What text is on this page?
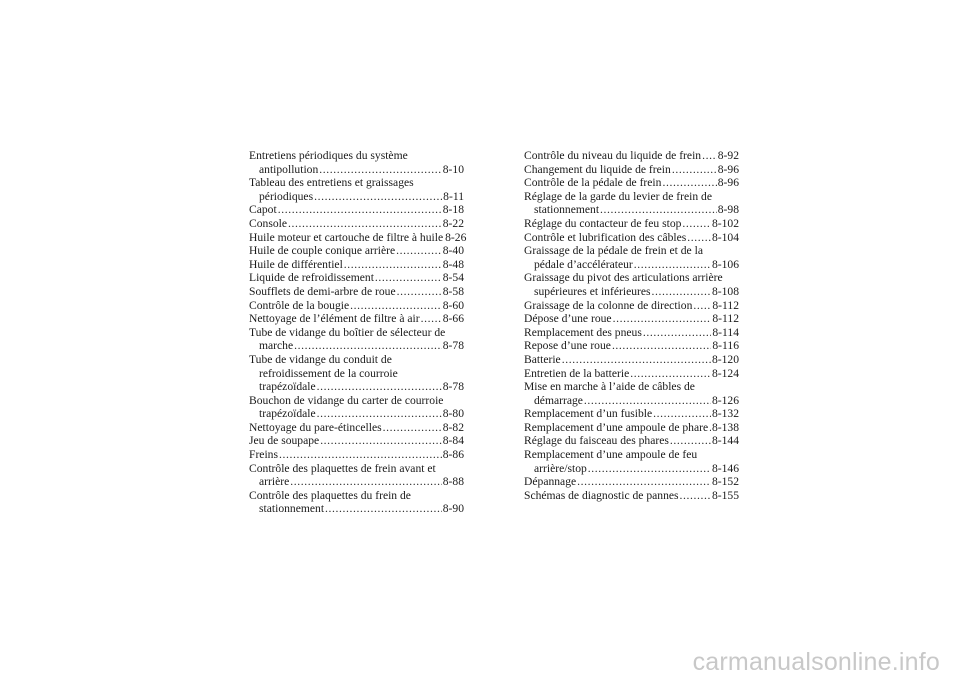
Entretiens périodiques du système
antipollution .....	8-10
Tableau des entretiens et graissages
périodiques .....	8-11
Capot .....	8-18
Console .....	8-22
Huile moteur et cartouche de filtre à huile 8-26
Huile de couple conique arrière .....	8-40
Huile de différentiel .....	8-48
Liquide de refroidissement .....	8-54
Soufflets de demi-arbre de roue .....	8-58
Contrôle de la bougie .....	8-60
Nettoyage de l’élément de filtre à air ..... 8-66
Tube de vidange du boîtier de sélecteur de
marche .....	8-78
Tube de vidange du conduit de
refroidissement de la courroie
trapézoïdale .....	8-78
Bouchon de vidange du carter de courroie
trapézoïdale .....	8-80
Nettoyage du pare-étincelles .....	8-82
Jeu de soupape .....	8-84
Freins .....	8-86
Contrôle des plaquettes de frein avant et
arrière .....	8-88
Contrôle des plaquettes du frein de
stationnement .....	8-90
Contrôle du niveau du liquide de frein ..... 8-92
Changement du liquide de frein .....	8-96
Contrôle de la pédale de frein .....	8-96
Réglage de la garde du levier de frein de
stationnement .....	8-98
Réglage du contacteur de feu stop .....	8-102
Contrôle et lubrification des câbles ..... 8-104
Graissage de la pédale de frein et de la
pédale d’accélérateur .....	8-106
Graissage du pivot des articulations arrière
supérieures et inférieures .....	8-108
Graissage de la colonne de direction ..... 8-112
Dépose d’une roue .....	8-112
Remplacement des pneus .....	8-114
Repose d’une roue .....	8-116
Batterie .....	8-120
Entretien de la batterie .....	8-124
Mise en marche à l’aide de câbles de
démarrage .....	8-126
Remplacement d’un fusible .....	8-132
Remplacement d’une ampoule de phare ..... 8-138
Réglage du faisceau des phares .....	8-144
Remplacement d’une ampoule de feu
arrière/stop .....	8-146
Dépannage .....	8-152
Schémas de diagnostic de pannes .....	8-155
carmanualsonline.info
